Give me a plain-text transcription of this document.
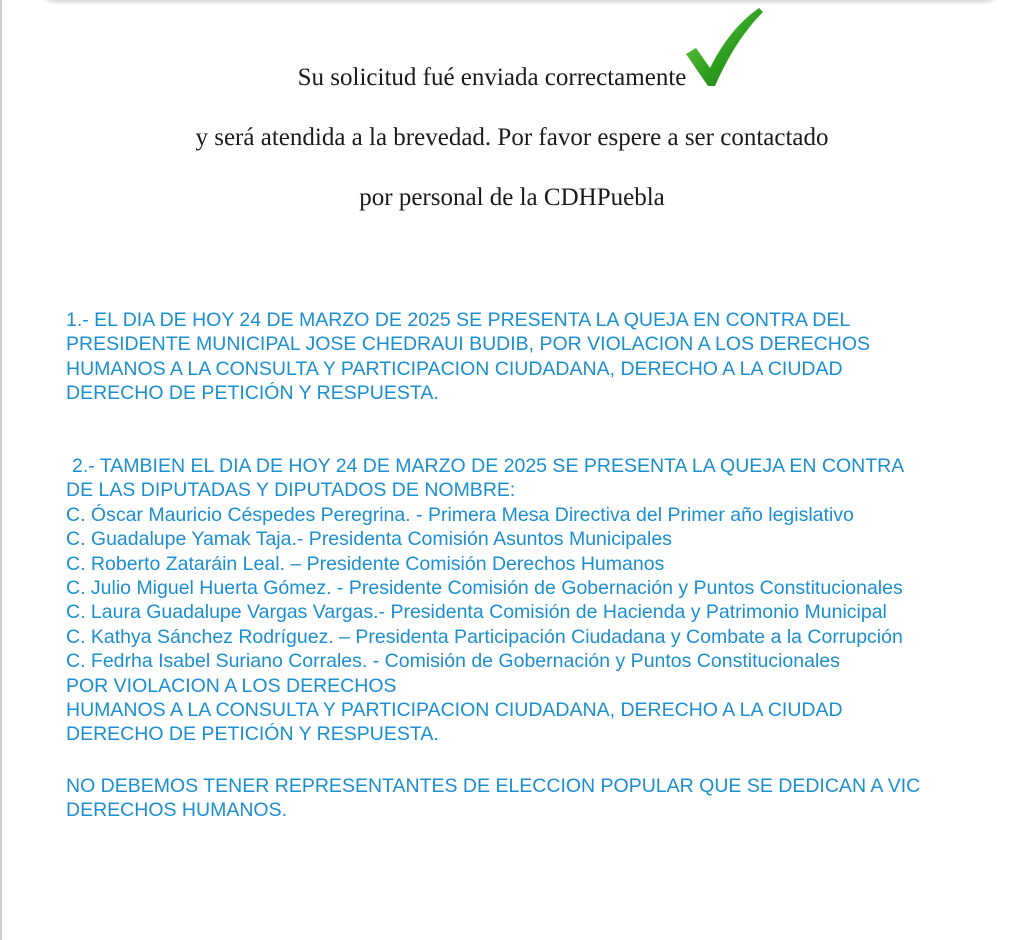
Su solicitud fué enviada correctamente
y será atendida a la brevedad. Por favor espere a ser contactado
por personal de la CDHPuebla
1.- EL DIA DE HOY 24 DE MARZO DE 2025 SE PRESENTA LA QUEJA EN CONTRA DEL
PRESIDENTE MUNICIPAL JOSE CHEDRAUI BUDIB, POR VIOLACION A LOS DERECHOS
HUMANOS A LA CONSULTA Y PARTICIPACION CIUDADANA, DERECHO A LA CIUDAD
DERECHO DE PETICIÓN Y RESPUESTA.
2.- TAMBIEN EL DIA DE HOY 24 DE MARZO DE 2025 SE PRESENTA LA QUEJA EN CONTRA
DE LAS DIPUTADAS Y DIPUTADOS DE NOMBRE:
C. Óscar Mauricio Céspedes Peregrina. - Primera Mesa Directiva del Primer año legislativo
C. Guadalupe Yamak Taja.- Presidenta Comisión Asuntos Municipales
C. Roberto Zataráin Leal. – Presidente Comisión Derechos Humanos
C. Julio Miguel Huerta Gómez. - Presidente Comisión de Gobernación y Puntos Constitucionales
C. Laura Guadalupe Vargas Vargas.- Presidenta Comisión de Hacienda y Patrimonio Municipal
C. Kathya Sánchez Rodríguez. – Presidenta Participación Ciudadana y Combate a la Corrupción
C. Fedrha Isabel Suriano Corrales. - Comisión de Gobernación y Puntos Constitucionales
POR VIOLACION A LOS DERECHOS
HUMANOS A LA CONSULTA Y PARTICIPACION CIUDADANA, DERECHO A LA CIUDAD
DERECHO DE PETICIÓN Y RESPUESTA.
NO DEBEMOS TENER REPRESENTANTES DE ELECCION POPULAR QUE SE DEDICAN A VIC
DERECHOS HUMANOS.
